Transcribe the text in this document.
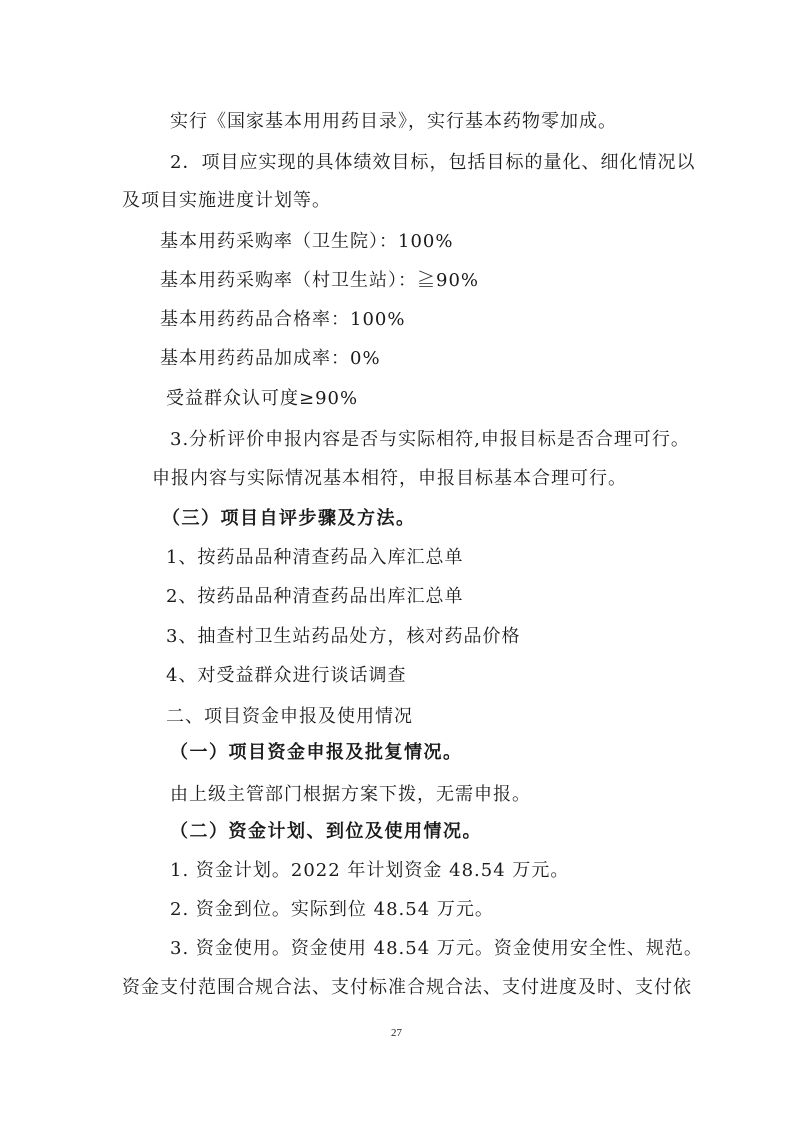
实行《国家基本用用药目录》，实行基本药物零加成。
2．项目应实现的具体绩效目标，包括目标的量化、细化情况以
及项目实施进度计划等。
基本用药采购率（卫生院）：100%
基本用药采购率（村卫生站）：≧90%
基本用药药品合格率：100%
基本用药药品加成率：0%
受益群众认可度≥90%
3.分析评价申报内容是否与实际相符,申报目标是否合理可行。
申报内容与实际情况基本相符，申报目标基本合理可行。
（三）项目自评步骤及方法。
1、按药品品种清查药品入库汇总单
2、按药品品种清查药品出库汇总单
3、抽查村卫生站药品处方，核对药品价格
4、对受益群众进行谈话调查
二、项目资金申报及使用情况
（一）项目资金申报及批复情况。
由上级主管部门根据方案下拨，无需申报。
（二）资金计划、到位及使用情况。
1. 资金计划。2022 年计划资金 48.54 万元。
2. 资金到位。实际到位 48.54 万元。
3. 资金使用。资金使用 48.54 万元。资金使用安全性、规范。
资金支付范围合规合法、支付标准合规合法、支付进度及时、支付依
27
